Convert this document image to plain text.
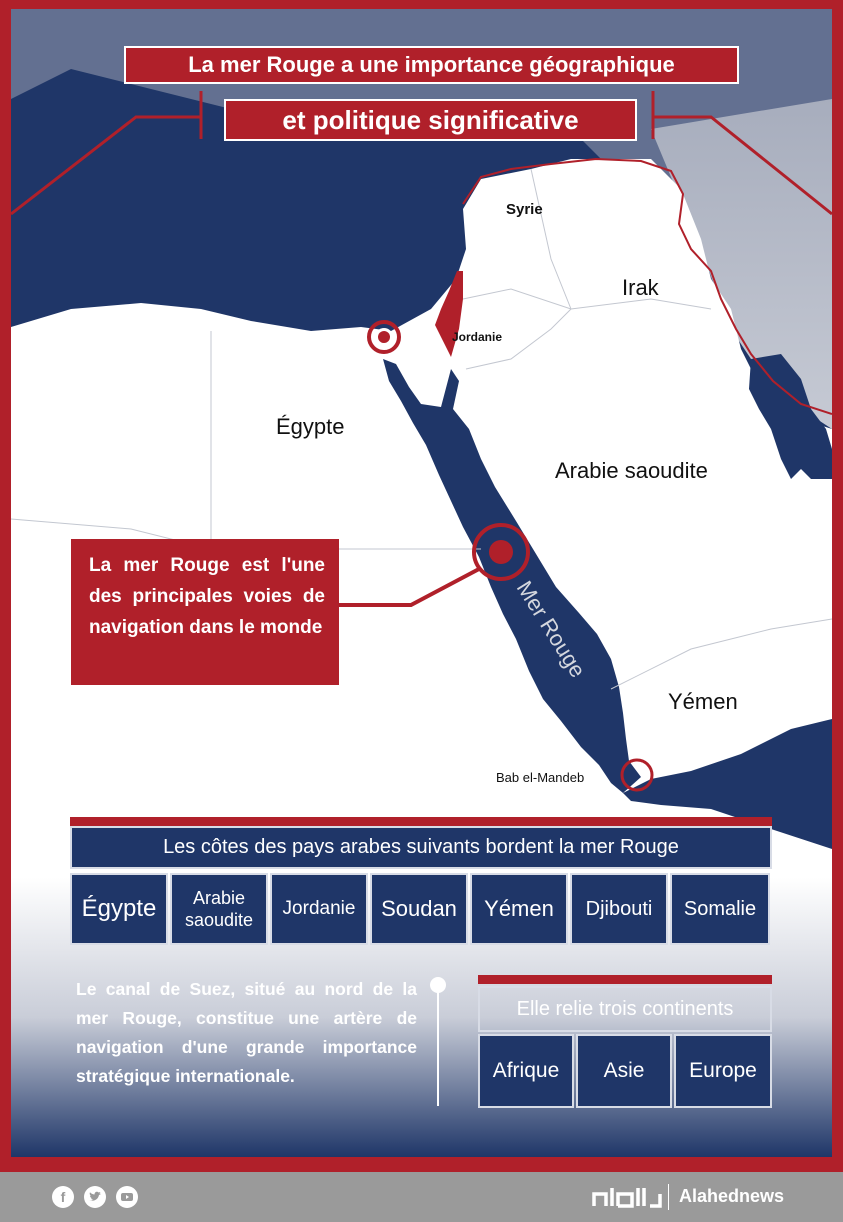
Mer Rouge
La mer Rouge a une importance géographique
et politique significative
Syrie
Irak
Jordanie
Égypte
Arabie saoudite
Yémen
Bab el-Mandeb
La mer Rouge est l'une des principales voies de navigation dans le monde
Les côtes des pays arabes suivants bordent la mer Rouge
Égypte Arabie
saoudite
Jordanie Soudan Yémen Djibouti Somalie
Le canal de Suez, situé au nord de la mer Rouge, constitue une artère de navigation d'une grande importance stratégique internationale.
Elle relie trois continents
Afrique Asie Europe
f	Alahednews
